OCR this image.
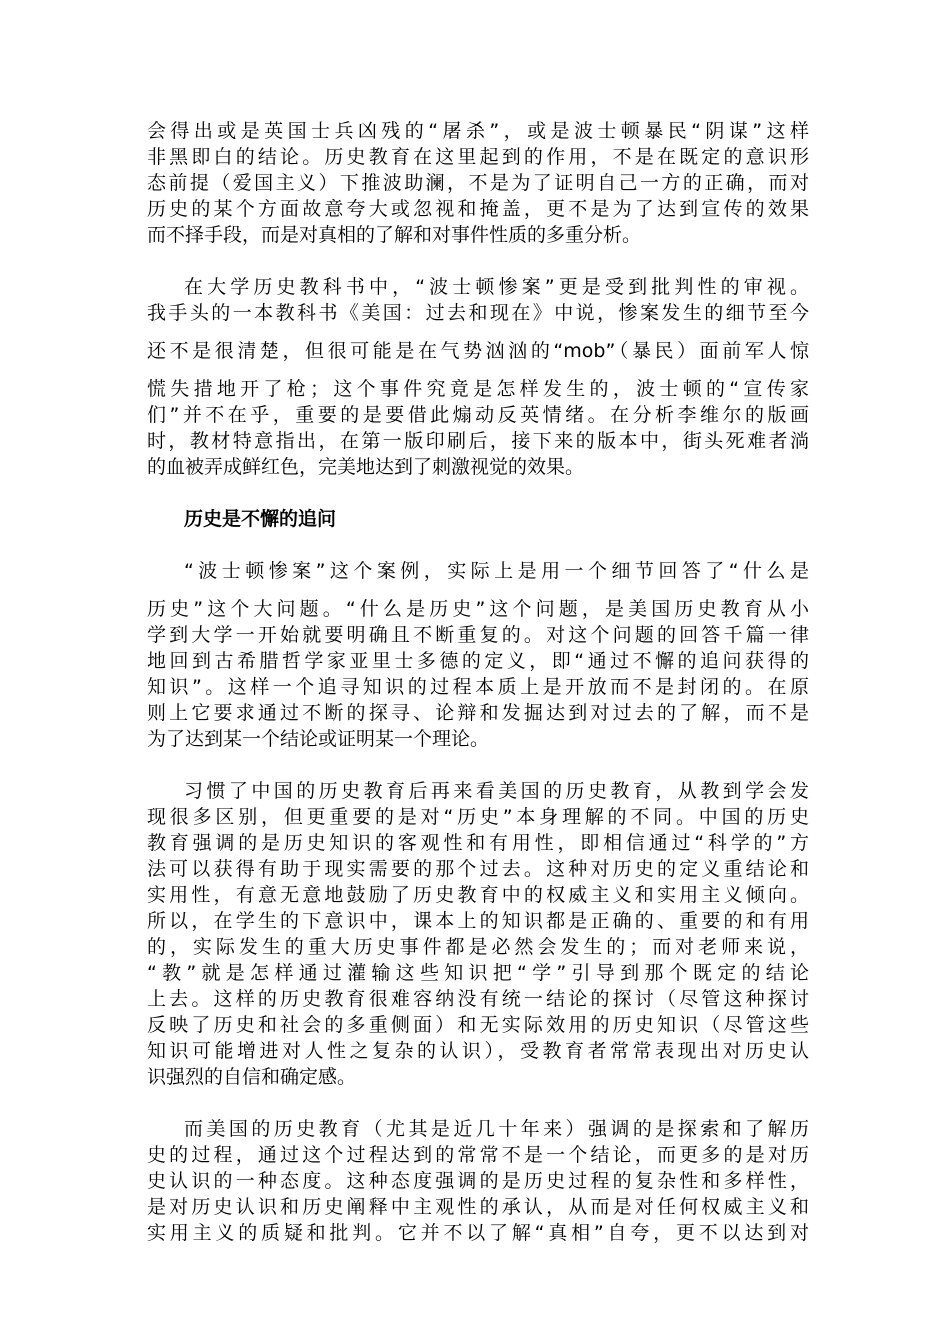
会得出或是英国士兵凶残的“屠杀”，或是波士顿暴民“阴谋”这样
非黑即白的结论。历史教育在这里起到的作用，不是在既定的意识形
态前提（爱国主义）下推波助澜，不是为了证明自己一方的正确，而对
历史的某个方面故意夸大或忽视和掩盖，更不是为了达到宣传的效果
而不择手段，而是对真相的了解和对事件性质的多重分析。
在大学历史教科书中，“波士顿惨案”更是受到批判性的审视。
我手头的一本教科书《美国：过去和现在》中说，惨案发生的细节至今
还不是很清楚，但很可能是在气势汹汹的“mob”（暴民）面前军人惊
慌失措地开了枪；这个事件究竟是怎样发生的，波士顿的“宣传家
们”并不在乎，重要的是要借此煽动反英情绪。在分析李维尔的版画
时，教材特意指出，在第一版印刷后，接下来的版本中，街头死难者淌
的血被弄成鲜红色，完美地达到了刺激视觉的效果。
历史是不懈的追问
“波士顿惨案”这个案例，实际上是用一个细节回答了“什么是
历史”这个大问题。“什么是历史”这个问题，是美国历史教育从小
学到大学一开始就要明确且不断重复的。对这个问题的回答千篇一律
地回到古希腊哲学家亚里士多德的定义，即“通过不懈的追问获得的
知识”。这样一个追寻知识的过程本质上是开放而不是封闭的。在原
则上它要求通过不断的探寻、论辩和发掘达到对过去的了解，而不是
为了达到某一个结论或证明某一个理论。
习惯了中国的历史教育后再来看美国的历史教育，从教到学会发
现很多区别，但更重要的是对“历史”本身理解的不同。中国的历史
教育强调的是历史知识的客观性和有用性，即相信通过“科学的”方
法可以获得有助于现实需要的那个过去。这种对历史的定义重结论和
实用性，有意无意地鼓励了历史教育中的权威主义和实用主义倾向。
所以，在学生的下意识中，课本上的知识都是正确的、重要的和有用
的，实际发生的重大历史事件都是必然会发生的；而对老师来说，
“教”就是怎样通过灌输这些知识把“学”引导到那个既定的结论
上去。这样的历史教育很难容纳没有统一结论的探讨（尽管这种探讨
反映了历史和社会的多重侧面）和无实际效用的历史知识（尽管这些
知识可能增进对人性之复杂的认识），受教育者常常表现出对历史认
识强烈的自信和确定感。
而美国的历史教育（尤其是近几十年来）强调的是探索和了解历
史的过程，通过这个过程达到的常常不是一个结论，而更多的是对历
史认识的一种态度。这种态度强调的是历史过程的复杂性和多样性，
是对历史认识和历史阐释中主观性的承认，从而是对任何权威主义和
实用主义的质疑和批判。它并不以了解“真相”自夸，更不以达到对
